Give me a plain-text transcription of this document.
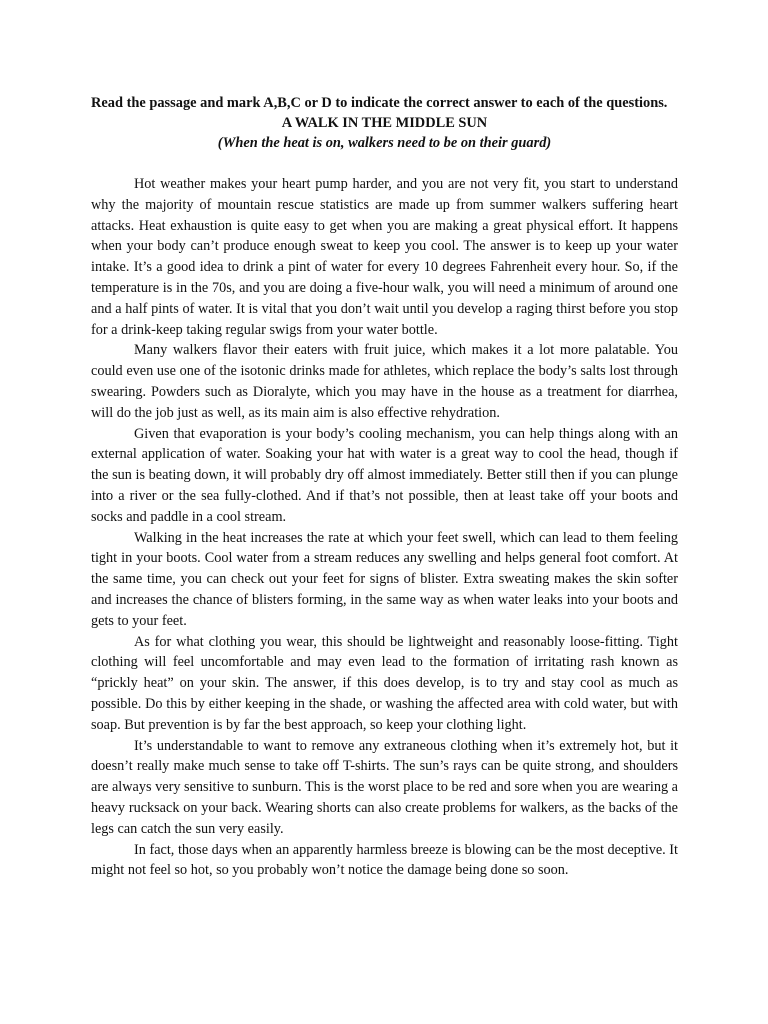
Read the passage and mark A,B,C or D to indicate the correct answer to each of the questions.

A WALK IN THE MIDDLE SUN

(When the heat is on, walkers need to be on their guard)

Hot weather makes your heart pump harder, and you are not very fit, you start to understand why the majority of mountain rescue statistics are made up from summer walkers suffering heart attacks. Heat exhaustion is quite easy to get when you are making a great physical effort. It happens when your body can’t produce enough sweat to keep you cool. The answer is to keep up your water intake. It’s a good idea to drink a pint of water for every 10 degrees Fahrenheit every hour. So, if the temperature is in the 70s, and you are doing a five-hour walk, you will need a minimum of around one and a half pints of water. It is vital that you don’t wait until you develop a raging thirst before you stop for a drink-keep taking regular swigs from your water bottle.

Many walkers flavor their eaters with fruit juice, which makes it a lot more palatable. You could even use one of the isotonic drinks made for athletes, which replace the body’s salts lost through swearing. Powders such as Dioralyte, which you may have in the house as a treatment for diarrhea, will do the job just as well, as its main aim is also effective rehydration.

Given that evaporation is your body’s cooling mechanism, you can help things along with an external application of water. Soaking your hat with water is a great way to cool the head, though if the sun is beating down, it will probably dry off almost immediately. Better still then if you can plunge into a river or the sea fully-clothed. And if that’s not possible, then at least take off your boots and socks and paddle in a cool stream.

Walking in the heat increases the rate at which your feet swell, which can lead to them feeling tight in your boots. Cool water from a stream reduces any swelling and helps general foot comfort. At the same time, you can check out your feet for signs of blister. Extra sweating makes the skin softer and increases the chance of blisters forming, in the same way as when water leaks into your boots and gets to your feet.

As for what clothing you wear, this should be lightweight and reasonably loose-fitting. Tight clothing will feel uncomfortable and may even lead to the formation of irritating rash known as “prickly heat” on your skin. The answer, if this does develop, is to try and stay cool as much as possible. Do this by either keeping in the shade, or washing the affected area with cold water, but with soap. But prevention is by far the best approach, so keep your clothing light.

It’s understandable to want to remove any extraneous clothing when it’s extremely hot, but it doesn’t really make much sense to take off T-shirts. The sun’s rays can be quite strong, and shoulders are always very sensitive to sunburn. This is the worst place to be red and sore when you are wearing a heavy rucksack on your back. Wearing shorts can also create problems for walkers, as the backs of the legs can catch the sun very easily.

In fact, those days when an apparently harmless breeze is blowing can be the most deceptive. It might not feel so hot, so you probably won’t notice the damage being done so soon.
